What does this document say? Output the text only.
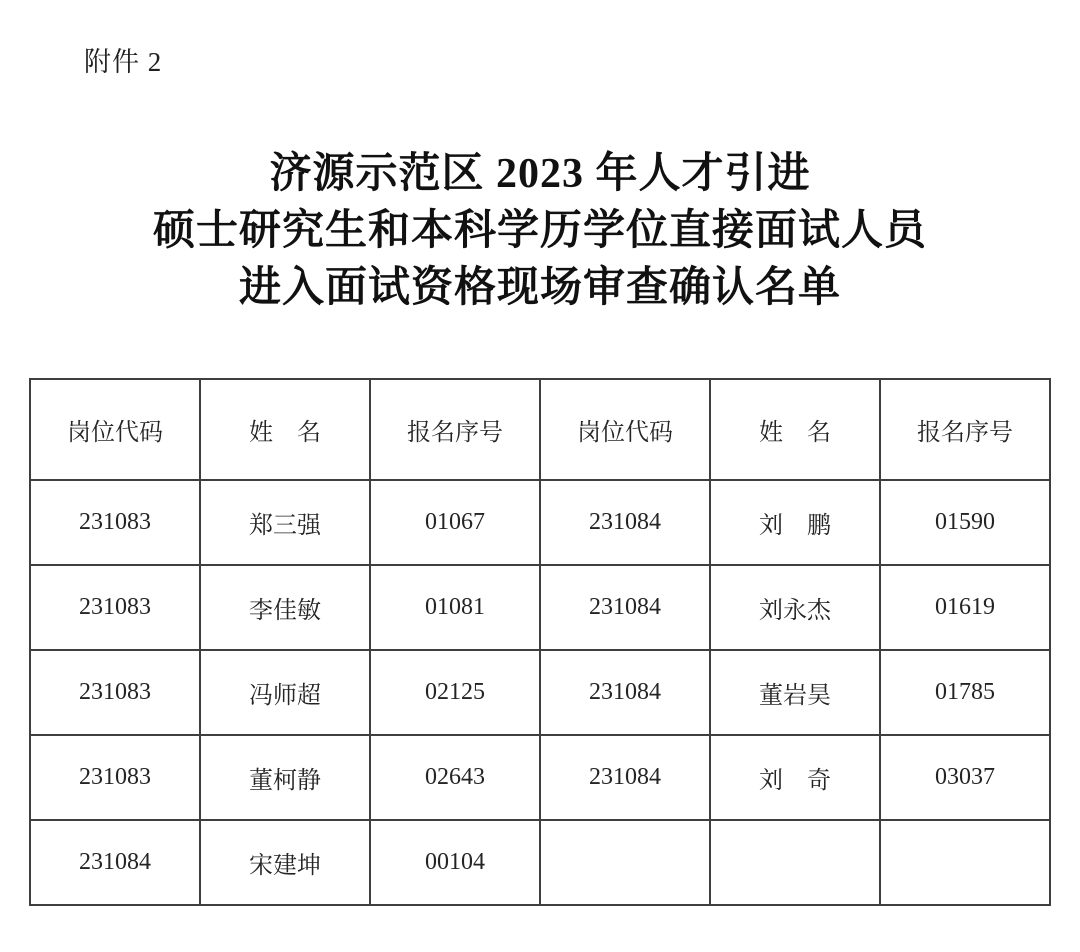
附件 2
济源示范区 2023 年人才引进
硕士研究生和本科学历学位直接面试人员
进入面试资格现场审查确认名单
岗位代码	姓　名	报名序号	岗位代码	姓　名	报名序号
231083	郑三强	01067	231084	刘　鹏	01590
231083	李佳敏	01081	231084	刘永杰	01619
231083	冯师超	02125	231084	董岩昊	01785
231083	董柯静	02643	231084	刘　奇	03037
231084	宋建坤	00104			
